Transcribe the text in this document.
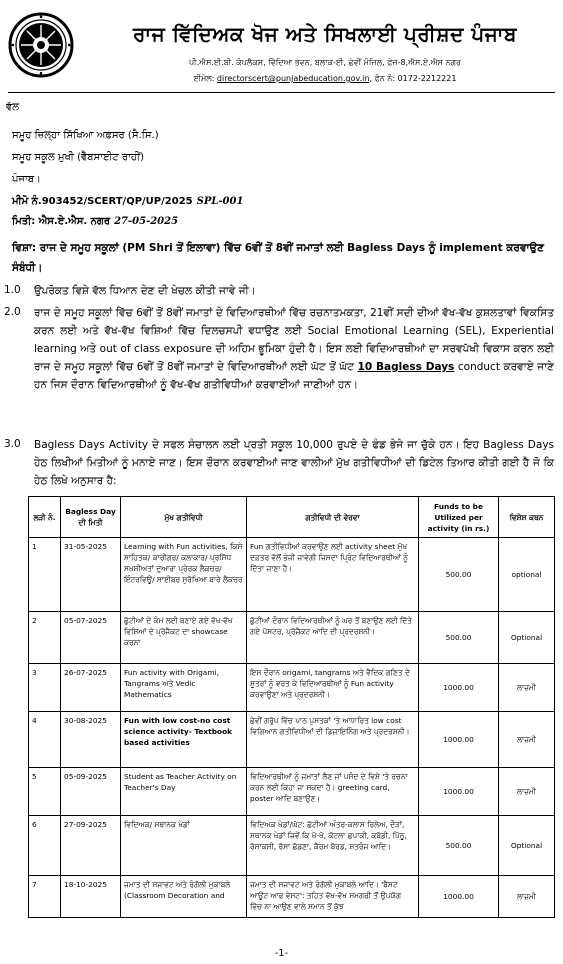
ਰਾਜ ਵਿੱਦਿਅਕ ਖੋਜ ਅਤੇ ਸਿਖਲਾਈ ਪ੍ਰੀਸ਼ਦ ਪੰਜਾਬ
ਪੀ.ਐਸ.ਈ.ਬੀ. ਕੰਪਲੈਕਸ, ਵਿੱਦਿਆ ਭਵਨ, ਬਲਾਕ-ਈ, ਛੇਵੀਂ ਮੰਜਿਲ, ਫੇਜ਼-8,ਐਸ.ਏ.ਐਸ ਨਗਰ
ਈਮੇਲ: directorscert@punjabeducation.gov.in, ਫੋਨ ਨੰ: 0172-2212221
ਵੱਲ
ਸਮੂਹ ਜ਼ਿਲ੍ਹਾ ਸਿੱਖਿਆ ਅਫ਼ਸਰ (ਸੈ.ਸਿ.)
ਸਮੂਹ ਸਕੂਲ ਮੁਖੀ (ਵੈੱਬਸਾਈਟ ਰਾਹੀਂ)
ਪੰਜਾਬ।
ਮੀਮੋ ਨੰ.903452/SCERT/QP/UP/2025 SPL-001
ਮਿਤੀ: ਐਸ.ਏ.ਐਸ. ਨਗਰ 27-05-2025
ਵਿਸ਼ਾ: ਰਾਜ ਦੇ ਸਮੂਹ ਸਕੂਲਾਂ (PM Shri ਤੋਂ ਇਲਾਵਾ) ਵਿੱਚ 6ਵੀਂ ਤੋਂ 8ਵੀਂ ਜਮਾਤਾਂ ਲਈ Bagless Days ਨੂੰ implement ਕਰਵਾਉਣ ਸੰਬੰਧੀ।
1.0 ਉਪਰੋਕਤ ਵਿਸ਼ੇ ਵੱਲ ਧਿਆਨ ਦੇਣ ਦੀ ਖੇਚਲ ਕੀਤੀ ਜਾਵੇ ਜੀ।
2.0 ਰਾਜ ਦੇ ਸਮੂਹ ਸਕੂਲਾਂ ਵਿੱਚ 6ਵੀਂ ਤੋਂ 8ਵੀਂ ਜਮਾਤਾਂ ਦੇ ਵਿਦਿਆਰਥੀਆਂ ਵਿੱਚ ਰਚਨਾਤਮਕਤਾ, 21ਵੀਂ ਸਦੀ ਦੀਆਂ ਵੱਖ-ਵੱਖ ਕੁਸ਼ਲਤਾਵਾਂ ਵਿਕਸਿਤ ਕਰਨ ਲਈ ਅਤੇ ਵੱਖ-ਵੱਖ ਵਿਸ਼ਿਆਂ ਵਿੱਚ ਦਿਲਚਸਪੀ ਵਧਾਉਣ ਲਈ Social Emotional Learning (SEL), Experiential learning ਅਤੇ out of class exposure ਦੀ ਅਹਿਮ ਭੂਮਿਕਾ ਹੁੰਦੀ ਹੈ। ਇਸ ਲਈ ਵਿਦਿਆਰਥੀਆਂ ਦਾ ਸਰਵਪੱਖੀ ਵਿਕਾਸ ਕਰਨ ਲਈ ਰਾਜ ਦੇ ਸਮੂਹ ਸਕੂਲਾਂ ਵਿੱਚ 6ਵੀਂ ਤੋਂ 8ਵੀਂ ਜਮਾਤਾਂ ਦੇ ਵਿਦਿਆਰਥੀਆਂ ਲਈ ਘੱਟ ਤੋਂ ਘੱਟ 10 Bagless Days conduct ਕਰਵਾਏ ਜਾਣੇ ਹਨ ਜਿਸ ਦੌਰਾਨ ਵਿਦਿਆਰਥੀਆਂ ਨੂੰ ਵੱਖ-ਵੱਖ ਗਤੀਵਿਧੀਆਂ ਕਰਵਾਈਆਂ ਜਾਣੀਆਂ ਹਨ।
3.0 Bagless Days Activity ਦੇ ਸਫਲ ਸੰਚਾਲਨ ਲਈ ਪ੍ਰਤੀ ਸਕੂਲ 10,000 ਰੁਪਏ ਦੇ ਫੰਡ ਭੇਜੇ ਜਾ ਚੁੱਕੇ ਹਨ। ਇਹ Bagless Days ਹੇਠ ਲਿਖੀਆਂ ਮਿਤੀਆਂ ਨੂੰ ਮਨਾਏ ਜਾਣ। ਇਸ ਦੌਰਾਨ ਕਰਵਾਈਆਂ ਜਾਣ ਵਾਲੀਆਂ ਮੁੱਖ ਗਤੀਵਿਧੀਆਂ ਦੀ ਡਿਟੇਲ ਤਿਆਰ ਕੀਤੀ ਗਈ ਹੈ ਜੋ ਕਿ ਹੇਠ ਲਿਖੇ ਅਨੁਸਾਰ ਹੈ:
ਲੜੀ ਨੰ.	Bagless Day ਦੀ ਮਿਤੀ	ਮੁੱਖ ਗਤੀਵਿਧੀ	ਗਤੀਵਿਧੀ ਦੀ ਵੇਰਵਾ	Funds to be Utilized per activity (in rs.)	ਵਿਸ਼ੇਸ਼ ਕਥਨ
1	31-05-2025	Learning with Fun activities, ਕਿਸੇ ਸਾਹਿਤਕ/ ਕਾਰੀਗਰ/ ਕਲਾਕਾਰ/ ਪ੍ਰਸਿੱਧ ਸਖਸ਼ੀਅਤਾਂ ਦੁਆਰਾ ਪ੍ਰੇਰਕ ਲੈਕਚਰ/ ਇੰਟਰਵਿਊ/ ਸਾਈਬਰ ਸੁਰੱਖਿਆ ਬਾਰੇ ਲੈਕਚਰ	Fun ਗਤੀਵਿਧੀਆਂ ਕਰਵਾਉਣ ਲਈ activity sheet ਮੁੱਖ ਦਫ਼ਤਰ ਵੱਲੋਂ ਭੇਜੀ ਜਾਵੇਗੀ ਜਿਸਦਾ ਪ੍ਰਿੰਟ ਵਿਦਿਆਰਥੀਆਂ ਨੂੰ ਦਿੱਤਾ ਜਾਣਾ ਹੈ।	500.00	optional
2	05-07-2025	ਛੁੱਟੀਆਂ ਦੇ ਕੰਮ ਲਈ ਬਣਾਏ ਗਏ ਵੱਖ-ਵੱਖ ਵਿਸ਼ਿਆਂ ਦੇ ਪ੍ਰੋਜੈਕਟ ਦਾ showcase ਕਰਨਾ	ਛੁੱਟੀਆਂ ਦੌਰਾਨ ਵਿਦਿਆਰਥੀਆਂ ਨੂੰ ਘਰ ਤੋਂ ਬਣਾਉਣ ਲਈ ਦਿੱਤੇ ਗਏ ਪੋਸਟਰ, ਪ੍ਰੋਜੈਕਟ ਆਦਿ ਦੀ ਪ੍ਰਦਰਸ਼ਨੀ।	500.00	Optional
3	26-07-2025	Fun activity with Origami, Tangrams ਅਤੇ Vedic Mathematics	ਇਸ ਦੌਰਾਨ origami, tangrams ਅਤੇ ਵੈਦਿਕ ਗਣਿਤ ਦੇ ਸੂਤਰਾਂ ਨੂੰ ਵਰਤ ਕੇ ਵਿਦਿਆਰਥੀਆਂ ਨੂੰ Fun activity ਕਰਵਾਉਣਾ ਅਤੇ ਪ੍ਰਦਰਸ਼ਨੀ।	1000.00	ਲਾਜ਼ਮੀ
4	30-08-2025	Fun with low cost-no cost science activity- Textbook based activities	ਛੇਵੀਂ ਗਰੁੱਪ ਵਿੱਚ ਪਾਠ ਪੁਸਤਕਾਂ 'ਤੇ ਆਧਾਰਿਤ low cost ਵਿਗਿਆਨ ਗਤੀਵਿਧੀਆਂ ਦੀ ਡਿਜ਼ਾਇਨਿੰਗ ਅਤੇ ਪ੍ਰਦਰਸ਼ਨੀ।	1000.00	ਲਾਜ਼ਮੀ
5	05-09-2025	Student as Teacher Activity on Teacher's Day	ਵਿਦਿਆਰਥੀਆਂ ਨੂੰ ਜਮਾਤਾਂ ਲੈਣ ਜਾਂ ਪਸੰਦ ਦੇ ਵਿਸ਼ੇ 'ਤੇ ਰਚਨਾ ਕਰਨ ਲਈ ਕਿਹਾ ਜਾ ਸਕਦਾ ਹੈ। greeting card, poster ਆਦਿ ਬਣਾਉਣ।	1000.00	ਲਾਜ਼ਮੀ
6	27-09-2025	ਵਿਦਿਅਕ/ ਸਥਾਨਕ ਖੇਡਾਂ	ਵਿਦਿਅਕ ਖੇਡਾਂ/ਘੱਟ: ਛੋਟੀਆਂ ਅੰਤਰ-ਕਲਾਸ ਰਿਲੇਅ, ਦੌੜਾਂ, ਸਥਾਨਕ ਖੇਡਾਂ ਜਿਵੇਂ ਕਿ ਖੋ-ਖੋ, ਕੋਟਲਾ ਛਪਾਕੀ, ਕਬੱਡੀ, ਪਿੱਠੂ, ਰੱਸਾਕਸ਼ੀ, ਰੱਸਾ ਛੱਡਣਾ, ਕੈਰਮ ਬੋਰਡ, ਸ਼ਤਰੰਜ ਆਦਿ।	500.00	Optional
7	18-10-2025	ਜਮਾਤ ਦੀ ਸਜਾਵਟ ਅਤੇ ਰੰਗੋਲੀ ਮੁਕਾਬਲੇ (Classroom Decoration and	ਜਮਾਤ ਦੀ ਸਜਾਵਟ ਅਤੇ ਰੰਗੋਲੀ ਮੁਕਾਬਲੇ ਆਦਿ। 'ਬੈਸਟ ਆਊਟ ਆਫ ਵੇਸਟ': ਤਹਿਤ ਵੱਖ-ਵੱਖ ਸਮਗਰੀ ਤੋਂ ਉਪਯੋਗ ਵਿੱਚ ਨਾ ਆਉਣ ਵਾਲੇ ਸਮਾਨ ਤੋਂ ਕੁੱਝ	1000.00	ਲਾਜ਼ਮੀ
-1-
